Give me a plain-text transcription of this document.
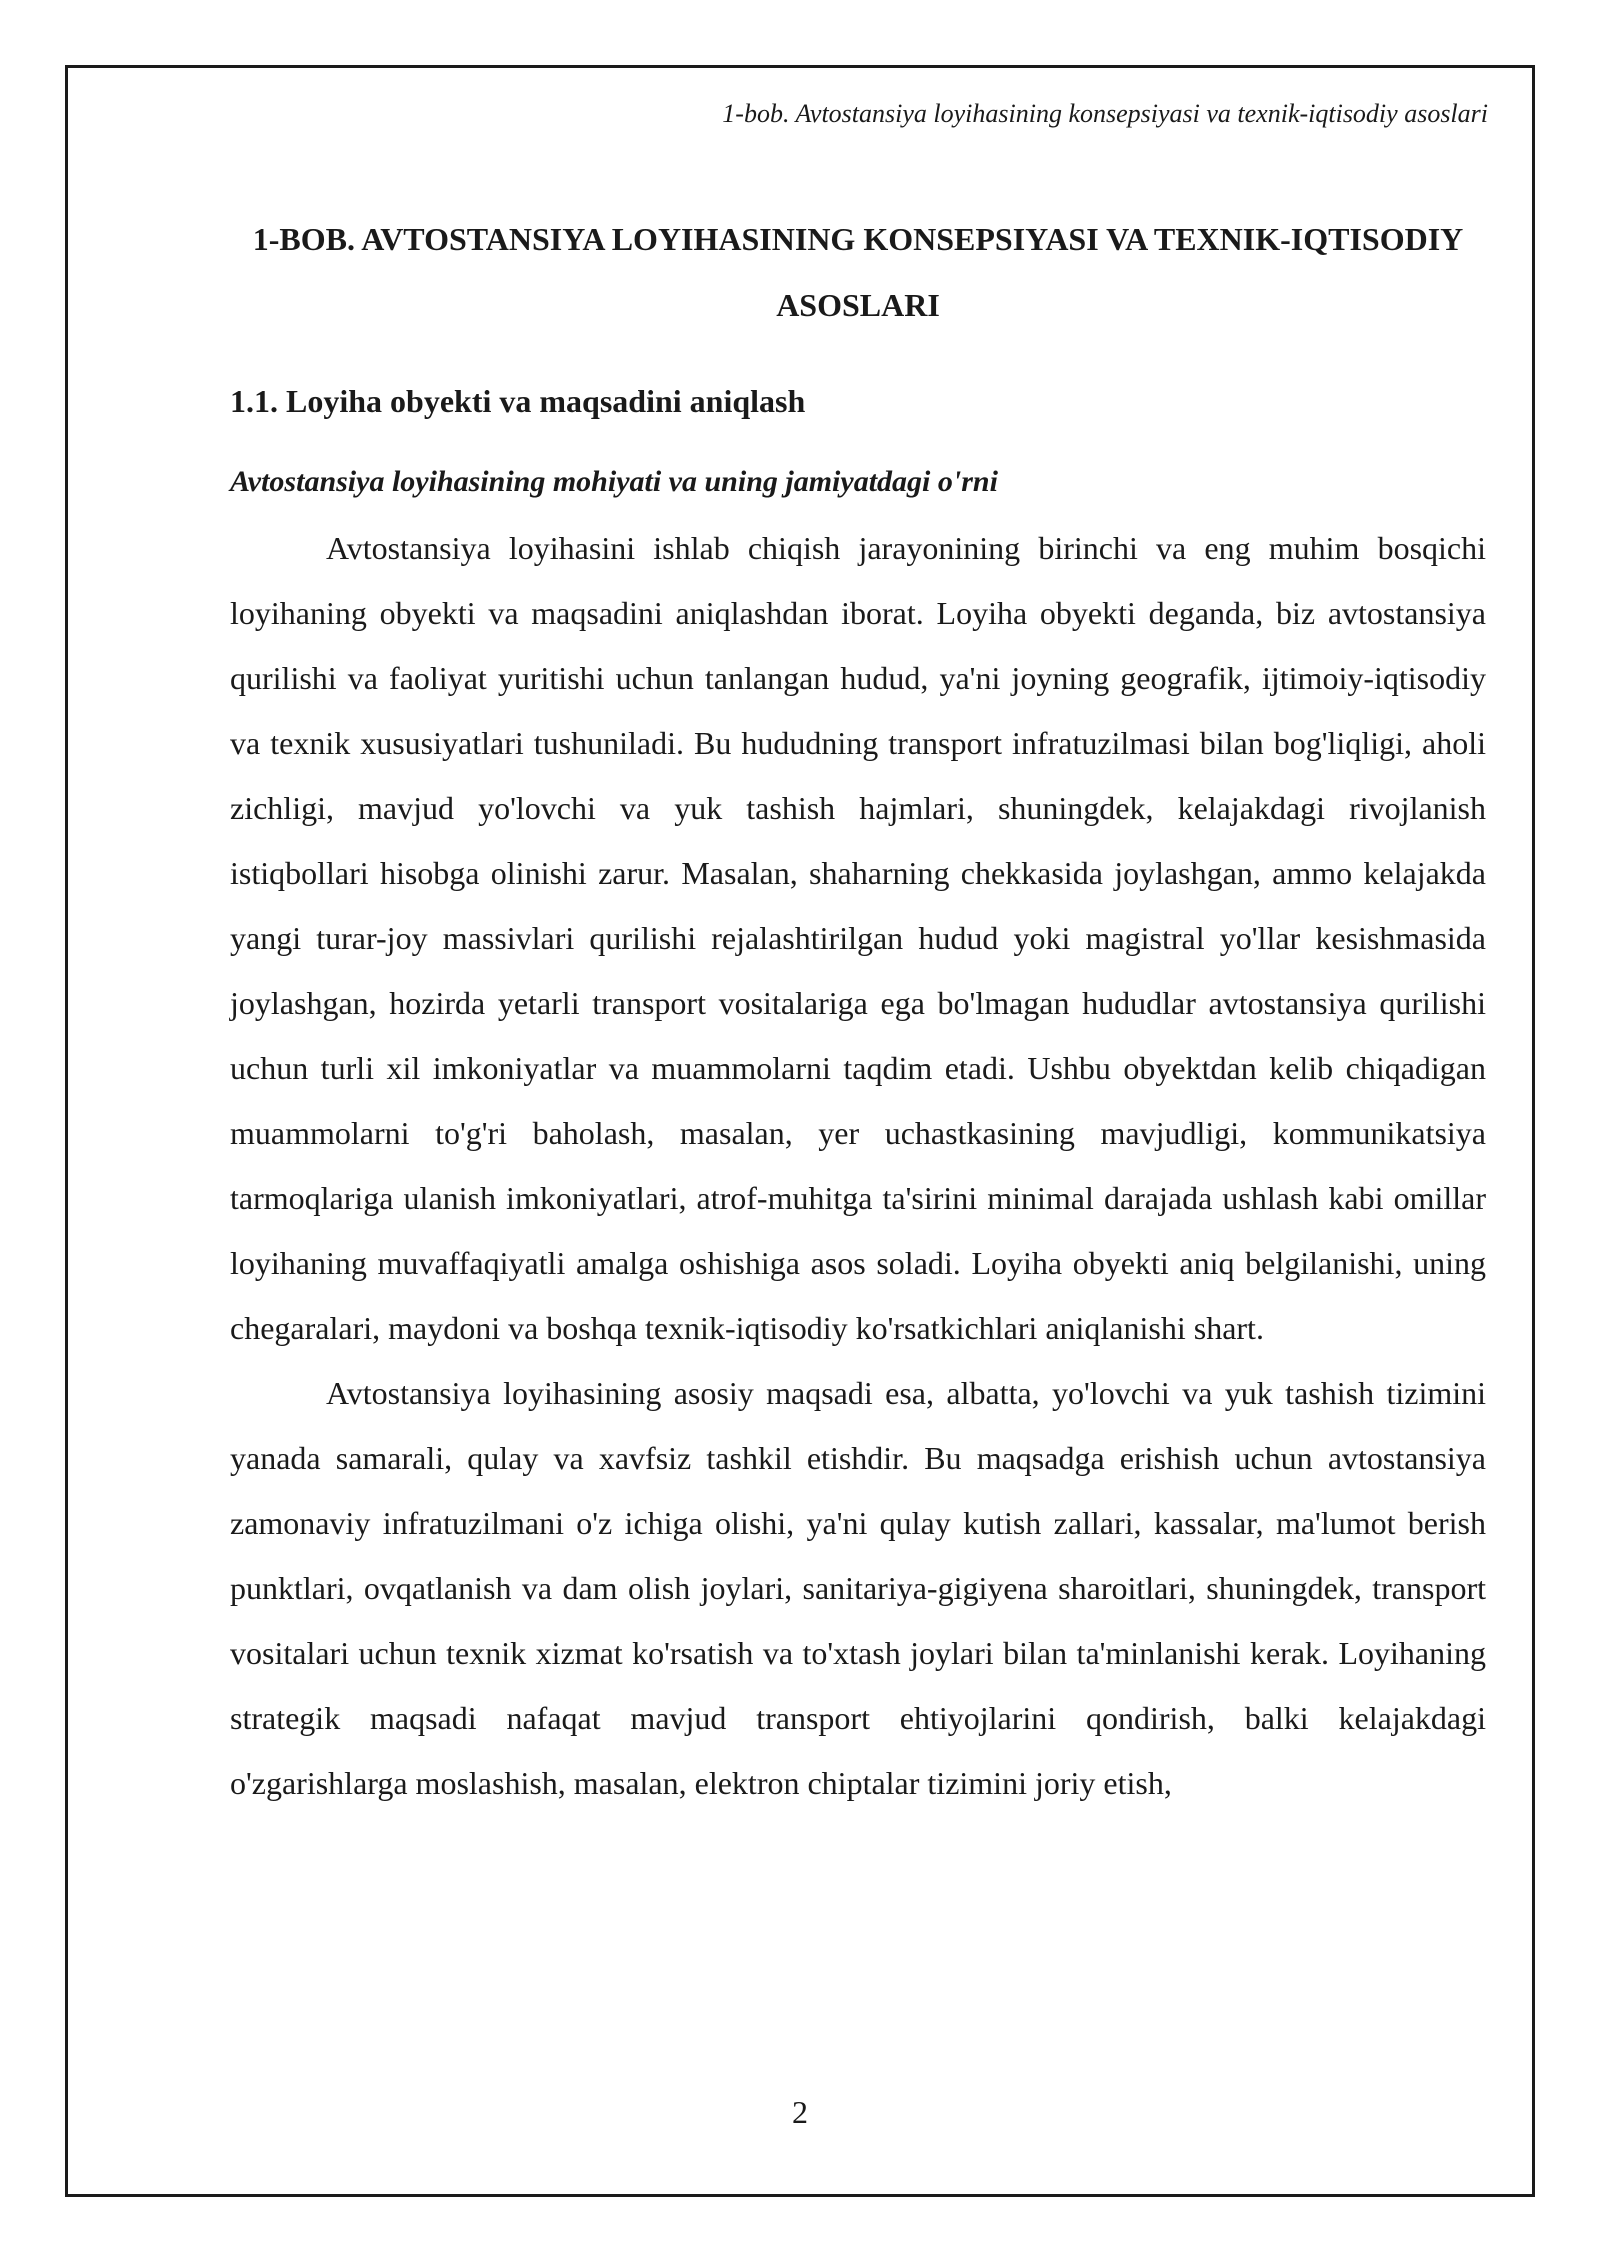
1-bob. Avtostansiya loyihasining konsepsiyasi va texnik-iqtisodiy asoslari
1-BOB. AVTOSTANSIYA LOYIHASINING KONSEPSIYASI VA TEXNIK-IQTISODIY ASOSLARI
1.1. Loyiha obyekti va maqsadini aniqlash
Avtostansiya loyihasining mohiyati va uning jamiyatdagi o'rni

Avtostansiya loyihasini ishlab chiqish jarayonining birinchi va eng muhim bosqichi loyihaning obyekti va maqsadini aniqlashdan iborat. Loyiha obyekti deganda, biz avtostansiya qurilishi va faoliyat yuritishi uchun tanlangan hudud, ya'ni joyning geografik, ijtimoiy-iqtisodiy va texnik xususiyatlari tushuniladi. Bu hududning transport infratuzilmasi bilan bog'liqligi, aholi zichligi, mavjud yo'lovchi va yuk tashish hajmlari, shuningdek, kelajakdagi rivojlanish istiqbollari hisobga olinishi zarur. Masalan, shaharning chekkasida joylashgan, ammo kelajakda yangi turar-joy massivlari qurilishi rejalashtirilgan hudud yoki magistral yo'llar kesishmasida joylashgan, hozirda yetarli transport vositalariga ega bo'lmagan hududlar avtostansiya qurilishi uchun turli xil imkoniyatlar va muammolarni taqdim etadi. Ushbu obyektdan kelib chiqadigan muammolarni to'g'ri baholash, masalan, yer uchastkasining mavjudligi, kommunikatsiya tarmoqlariga ulanish imkoniyatlari, atrof-muhitga ta'sirini minimal darajada ushlash kabi omillar loyihaning muvaffaqiyatli amalga oshishiga asos soladi. Loyiha obyekti aniq belgilanishi, uning chegaralari, maydoni va boshqa texnik-iqtisodiy ko'rsatkichlari aniqlanishi shart.

Avtostansiya loyihasining asosiy maqsadi esa, albatta, yo'lovchi va yuk tashish tizimini yanada samarali, qulay va xavfsiz tashkil etishdir. Bu maqsadga erishish uchun avtostansiya zamonaviy infratuzilmani o'z ichiga olishi, ya'ni qulay kutish zallari, kassalar, ma'lumot berish punktlari, ovqatlanish va dam olish joylari, sanitariya-gigiyena sharoitlari, shuningdek, transport vositalari uchun texnik xizmat ko'rsatish va to'xtash joylari bilan ta'minlanishi kerak. Loyihaning strategik maqsadi nafaqat mavjud transport ehtiyojlarini qondirish, balki kelajakdagi o'zgarishlarga moslashish, masalan, elektron chiptalar tizimini joriy etish,

2
